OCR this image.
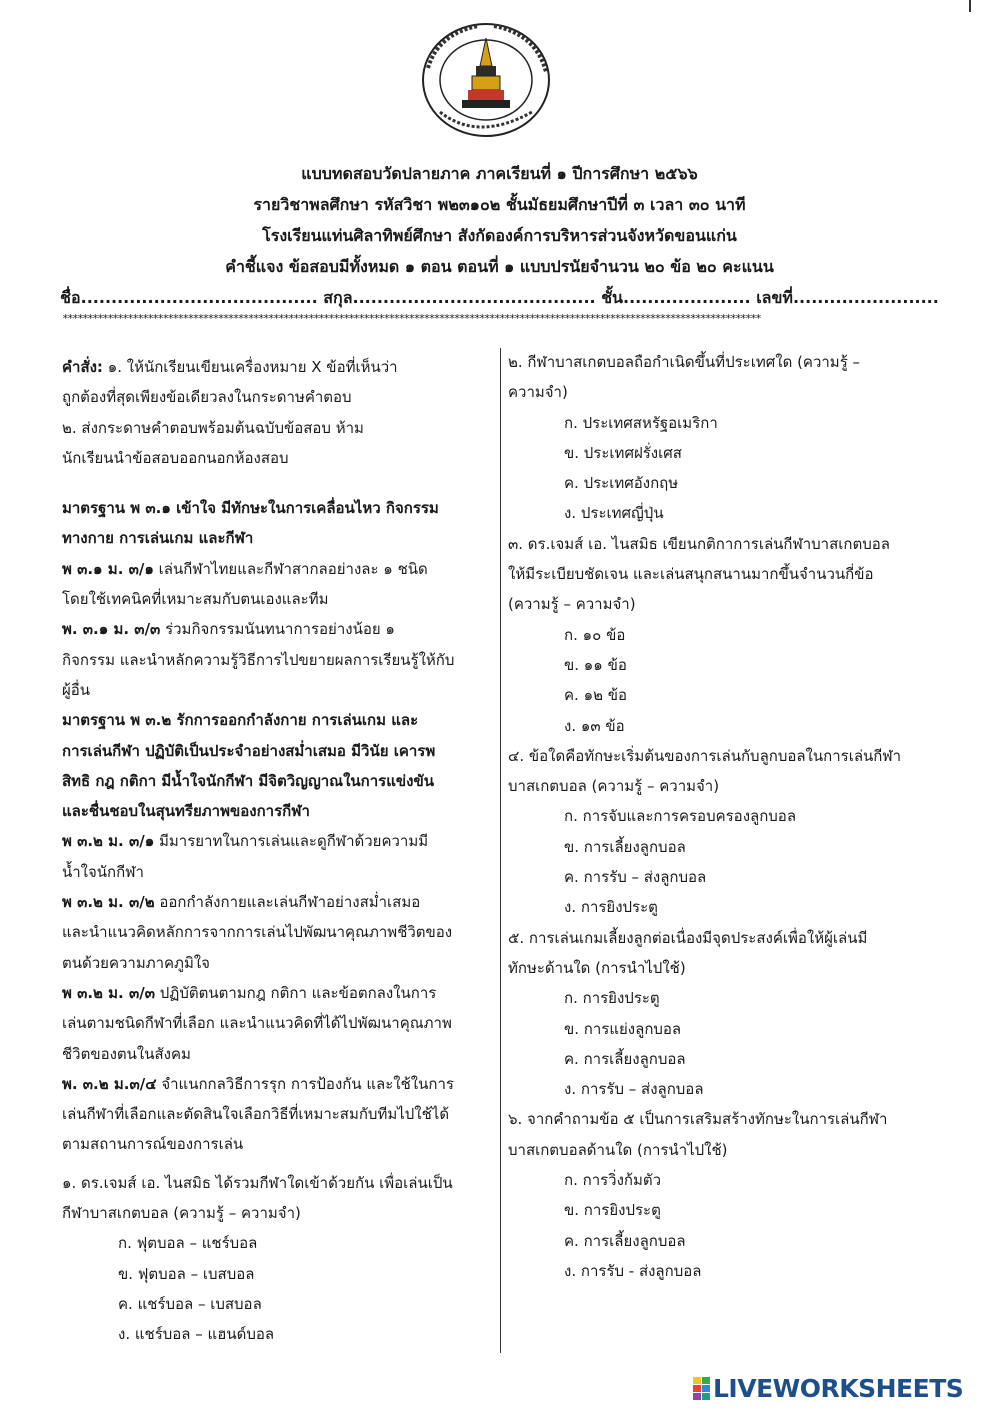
แบบทดสอบวัดปลายภาค ภาคเรียนที่ ๑ ปีการศึกษา ๒๕๖๖
รายวิชาพลศึกษา รหัสวิชา พ๒๓๑๐๒ ชั้นมัธยมศึกษาปีที่ ๓ เวลา ๓๐ นาที
โรงเรียนแท่นศิลาทิพย์ศึกษา สังกัดองค์การบริหารส่วนจังหวัดขอนแก่น
คำชี้แจง ข้อสอบมีทั้งหมด ๑ ตอน ตอนที่ ๑ แบบปรนัยจำนวน ๒๐ ข้อ ๒๐ คะแนน
ชื่อ....................................... สกุล........................................ ชั้น..................... เลขที่........................
*******************************************************************************************************************************************

คำสั่ง: ๑. ให้นักเรียนเขียนเครื่องหมาย X ข้อที่เห็นว่า

ถูกต้องที่สุดเพียงข้อเดียวลงในกระดาษคำตอบ

๒. ส่งกระดาษคำตอบพร้อมต้นฉบับข้อสอบ ห้าม

นักเรียนนำข้อสอบออกนอกห้องสอบ

มาตรฐาน พ ๓.๑ เข้าใจ มีทักษะในการเคลื่อนไหว กิจกรรม

ทางกาย การเล่นเกม และกีฬา

พ ๓.๑ ม. ๓/๑ เล่นกีฬาไทยและกีฬาสากลอย่างละ ๑ ชนิด

โดยใช้เทคนิคที่เหมาะสมกับตนเองและทีม

พ. ๓.๑ ม. ๓/๓ ร่วมกิจกรรมนันทนาการอย่างน้อย ๑

กิจกรรม และนำหลักความรู้วิธีการไปขยายผลการเรียนรู้ให้กับ

ผู้อื่น

มาตรฐาน พ ๓.๒ รักการออกกำลังกาย การเล่นเกม และ

การเล่นกีฬา ปฏิบัติเป็นประจำอย่างสม่ำเสมอ มีวินัย เคารพ

สิทธิ กฎ กติกา มีน้ำใจนักกีฬา มีจิตวิญญาณในการแข่งขัน

และชื่นชอบในสุนทรียภาพของการกีฬา

พ ๓.๒ ม. ๓/๑ มีมารยาทในการเล่นและดูกีฬาด้วยความมี

น้ำใจนักกีฬา

พ ๓.๒ ม. ๓/๒ ออกกำลังกายและเล่นกีฬาอย่างสม่ำเสมอ

และนำแนวคิดหลักการจากการเล่นไปพัฒนาคุณภาพชีวิตของ

ตนด้วยความภาคภูมิใจ

พ ๓.๒ ม. ๓/๓ ปฏิบัติตนตามกฎ กติกา และข้อตกลงในการ

เล่นตามชนิดกีฬาที่เลือก และนำแนวคิดที่ได้ไปพัฒนาคุณภาพ

ชีวิตของตนในสังคม

พ. ๓.๒ ม.๓/๔ จำแนกกลวิธีการรุก การป้องกัน และใช้ในการ

เล่นกีฬาที่เลือกและตัดสินใจเลือกวิธีที่เหมาะสมกับทีมไปใช้ได้

ตามสถานการณ์ของการเล่น

๑. ดร.เจมส์ เอ. ไนสมิธ ได้รวมกีฬาใดเข้าด้วยกัน เพื่อเล่นเป็น

กีฬาบาสเกตบอล (ความรู้ – ความจำ)

ก. ฟุตบอล – แชร์บอล

ข. ฟุตบอล – เบสบอล

ค. แชร์บอล – เบสบอล

ง. แชร์บอล – แฮนด์บอล

๒. กีฬาบาสเกตบอลถือกำเนิดขึ้นที่ประเทศใด (ความรู้ –

ความจำ)

ก. ประเทศสหรัฐอเมริกา

ข. ประเทศฝรั่งเศส

ค. ประเทศอังกฤษ

ง. ประเทศญี่ปุ่น

๓. ดร.เจมส์ เอ. ไนสมิธ เขียนกติกาการเล่นกีฬาบาสเกตบอล

ให้มีระเบียบชัดเจน และเล่นสนุกสนานมากขึ้นจำนวนกี่ข้อ

(ความรู้ – ความจำ)

ก. ๑๐ ข้อ

ข. ๑๑ ข้อ

ค. ๑๒ ข้อ

ง. ๑๓ ข้อ

๔. ข้อใดคือทักษะเริ่มต้นของการเล่นกับลูกบอลในการเล่นกีฬา

บาสเกตบอล (ความรู้ – ความจำ)

ก. การจับและการครอบครองลูกบอล

ข. การเลี้ยงลูกบอล

ค. การรับ – ส่งลูกบอล

ง. การยิงประตู

๕. การเล่นเกมเลี้ยงลูกต่อเนื่องมีจุดประสงค์เพื่อให้ผู้เล่นมี

ทักษะด้านใด (การนำไปใช้)

ก. การยิงประตู

ข. การแย่งลูกบอล

ค. การเลี้ยงลูกบอล

ง. การรับ – ส่งลูกบอล

๖. จากคำถามข้อ ๕ เป็นการเสริมสร้างทักษะในการเล่นกีฬา

บาสเกตบอลด้านใด (การนำไปใช้)

ก. การวิ่งก้มตัว

ข. การยิงประตู

ค. การเลี้ยงลูกบอล

ง. การรับ - ส่งลูกบอล

LIVEWORKSHEETS
